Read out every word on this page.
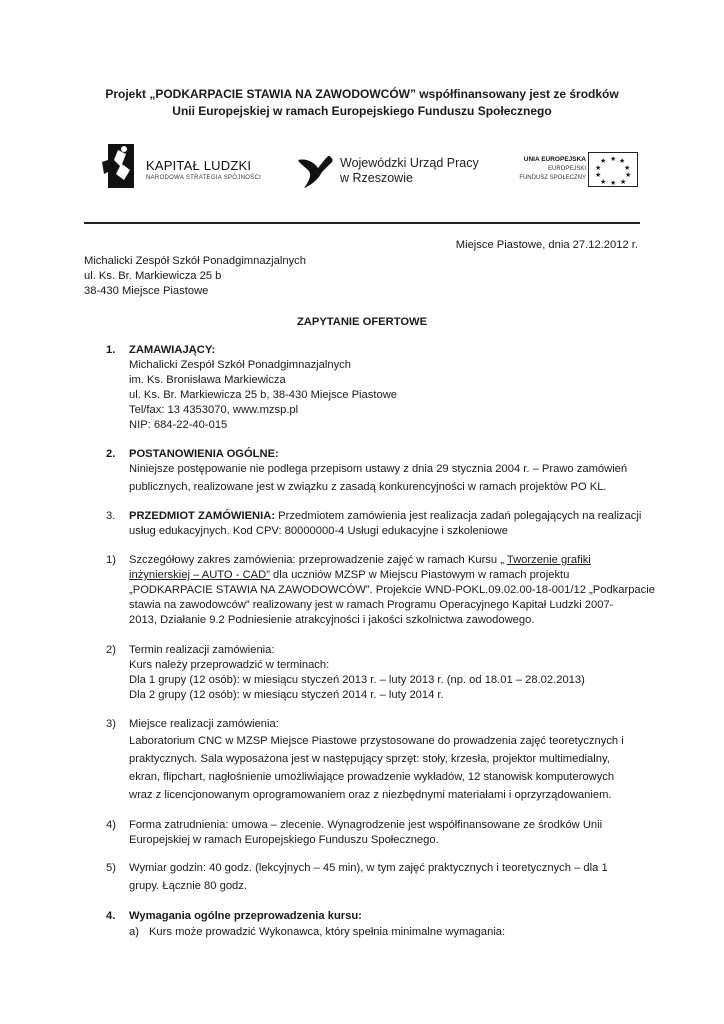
Projekt „PODKARPACIE STAWIA NA ZAWODOWCÓW” współfinansowany jest ze środków
Unii Europejskiej w ramach Europejskiego Funduszu Społecznego
KAPITAŁ LUDZKI
NARODOWA STRATEGIA SPÓJNOŚCI
Wojewódzki Urząd Pracy
w Rzeszowie
UNIA EUROPEJSKA
EUROPEJSKI
FUNDUSZ SPOŁECZNY
★ ★
★
★
★
★
★
★
★
★
Miejsce Piastowe, dnia 27.12.2012 r.
Michalicki Zespół Szkół Ponadgimnazjalnych
ul. Ks. Br. Markiewicza 25 b
38-430 Miejsce Piastowe
ZAPYTANIE OFERTOWE
1. ZAMAWIAJĄCY:
Michalicki Zespół Szkół Ponadgimnazjalnych
im. Ks. Bronisława Markiewicza
ul. Ks. Br. Markiewicza 25 b, 38-430 Miejsce Piastowe
Tel/fax: 13 4353070, www.mzsp.pl
NIP: 684-22-40-015
2. POSTANOWIENIA OGÓLNE:
Niniejsze postępowanie nie podlega przepisom ustawy z dnia 29 stycznia 2004 r. – Prawo zamówień
publicznych, realizowane jest w związku z zasadą konkurencyjności w ramach projektów PO KL.
3. PRZEDMIOT ZAMÓWIENIA: Przedmiotem zamówienia jest realizacja zadań polegających na realizacji
usług edukacyjnych. Kod CPV: 80000000-4 Usługi edukacyjne i szkoleniowe
1) Szczegółowy zakres zamówienia: przeprowadzenie zajęć w ramach Kursu „ Tworzenie grafiki
inżynierskiej – AUTO - CAD” dla uczniów MZSP w Miejscu Piastowym w ramach projektu
„PODKARPACIE STAWIA NA ZAWODOWCÓW”. Projekcie WND-POKL.09.02.00-18-001/12 „Podkarpacie
stawia na zawodowców” realizowany jest w ramach Programu Operacyjnego Kapitał Ludzki 2007-
2013, Działanie 9.2 Podniesienie atrakcyjności i jakości szkolnictwa zawodowego.
2) Termin realizacji zamówienia:
Kurs należy przeprowadzić w terminach:
Dla 1 grupy (12 osób): w miesiącu styczeń 2013 r. – luty 2013 r. (np. od 18.01 – 28.02.2013)
Dla 2 grupy (12 osób): w miesiącu styczeń 2014 r. – luty 2014 r.
3) Miejsce realizacji zamówienia:
Laboratorium CNC w MZSP Miejsce Piastowe przystosowane do prowadzenia zajęć teoretycznych i
praktycznych. Sala wyposażona jest w następujący sprzęt: stoły, krzesła, projektor multimedialny,
ekran, flipchart, nagłośnienie umożliwiające prowadzenie wykładów, 12 stanowisk komputerowych
wraz z licencjonowanym oprogramowaniem oraz z niezbędnymi materiałami i oprzyrządowaniem.
4) Forma zatrudnienia: umowa – zlecenie. Wynagrodzenie jest współfinansowane ze środków Unii
Europejskiej w ramach Europejskiego Funduszu Społecznego.
5) Wymiar godzin: 40 godz. (lekcyjnych – 45 min), w tym zajęć praktycznych i teoretycznych – dla 1
grupy. Łącznie 80 godz.
4. Wymagania ogólne przeprowadzenia kursu:
a) Kurs może prowadzić Wykonawca, który spełnia minimalne wymagania:
